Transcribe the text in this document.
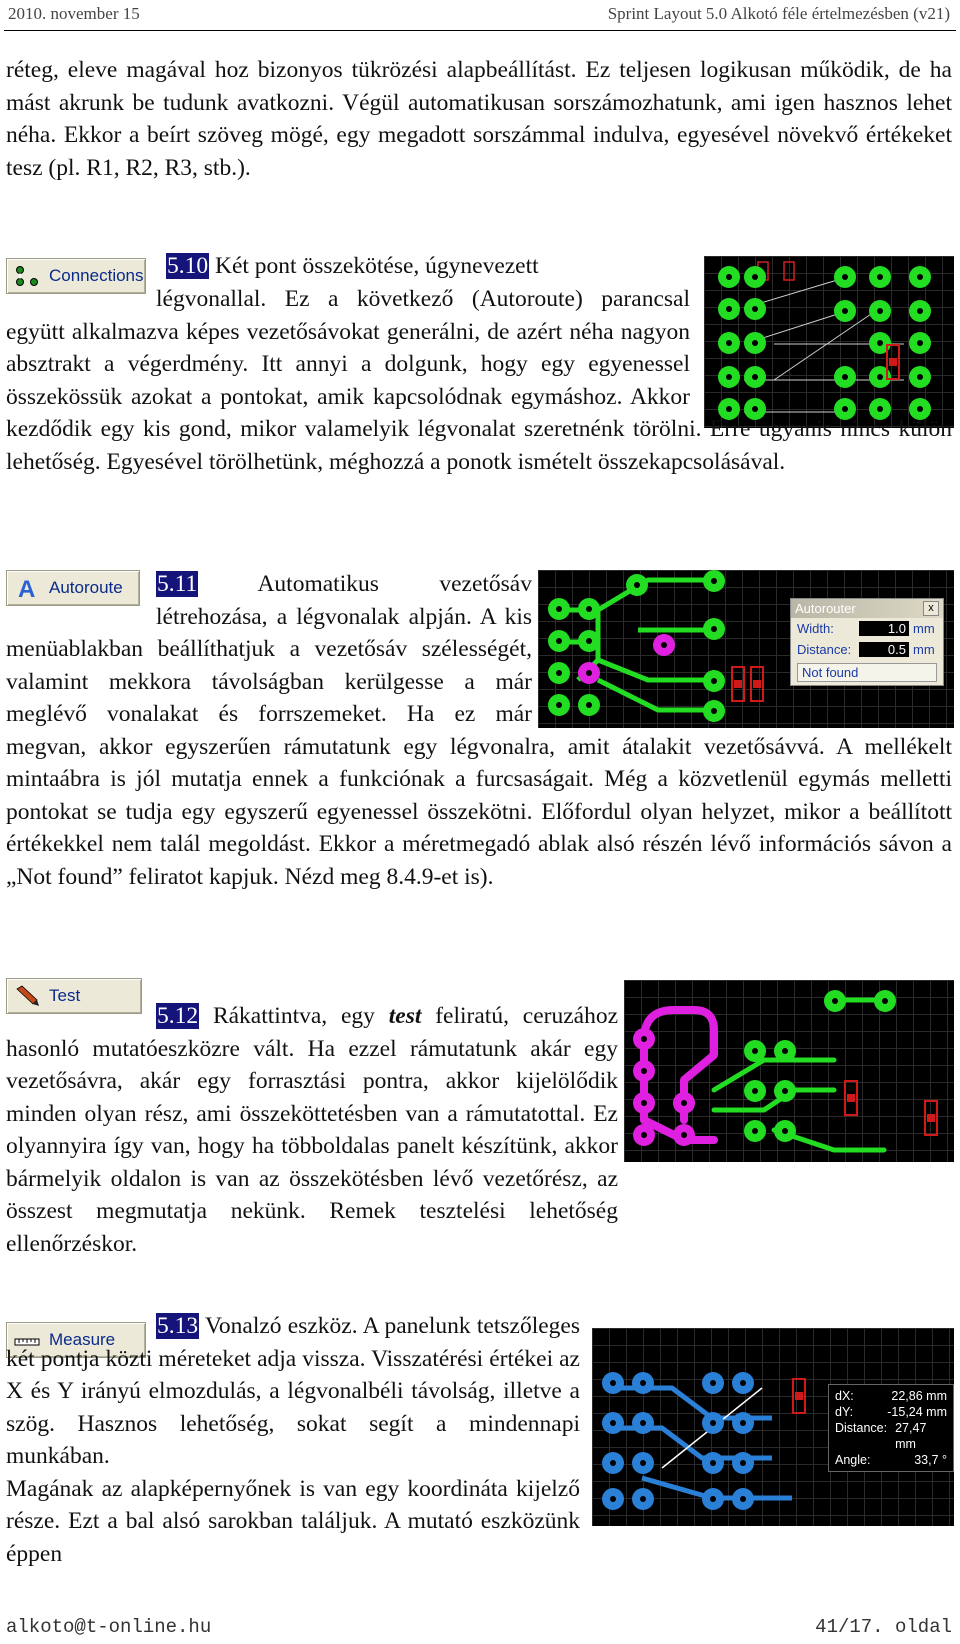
2010. november 15	Sprint Layout 5.0 Alkotó féle értelmezésben (v21)

réteg, eleve magával hoz bizonyos tükrözési alapbeállítást. Ez teljesen logikusan működik, de ha mást akrunk be tudunk avatkozni. Végül automatikusan sorszámozhatunk, ami igen hasznos lehet néha. Ekkor a beírt szöveg mögé, egy megadott sorszámmal indulva, egyesével növekvő értékeket tesz (pl. R1, R2, R3, stb.).

Connections 5.10 Két pont összekötése, úgynevezett

légvonallal. Ez a következő (Autoroute) parancsal együtt alkalmazva képes vezetősávokat generálni, de azért néha nagyon absztrakt a végerdmény. Itt annyi a dolgunk, hogy egy egyenessel összekössük azokat a pontokat, amik kapcsolódnak egymáshoz. Akkor kezdődik egy kis gond, mikor valamelyik légvonalat szeretnénk törölni. Erre ugyanis nincs külön lehetőség. Egyesével törölhetünk, méghozzá a ponotk ismételt összekapcsolásával.

A Autoroute
Autorouter	x
Width:	1.0 mm
Distance:	0.5 mm
Not found

5.11	Automatikus vezetősáv létrehozása, a légvonalak alpján. A kis menüablakban beállíthatjuk a vezetősáv szélességét, valamint mekkora távolságban kerülgesse a már meglévő vonalakat és forrszemeket. Ha ez már megvan, akkor egyszerűen rámutatunk egy légvonalra, amit átalakit vezetősávvá. A mellékelt mintaábra is jól mutatja ennek a funkciónak a furcsaságait. Még a közvetlenül egymás melletti pontokat se tudja egy egyszerű egyenessel összekötni. Előfordul olyan helyzet, mikor a beállított értékekkel nem talál megoldást. Ekkor a méretmegadó ablak alsó részén lévő információs sávon a „Not found” feliratot kapjuk. Nézd meg 8.4.9-et is).

Test

5.12 Rákattintva, egy test feliratú, ceruzához hasonló mutatóeszközre vált. Ha ezzel rámutatunk akár egy vezetősávra, akár egy forrasztási pontra, akkor kijelölődik minden olyan rész, ami összeköttetésben van a rámutatottal. Ez olyannyira így van, hogy ha többoldalas panelt készítünk, akkor bármelyik oldalon is van az összekötésben lévő vezetőrész, az összest megmutatja nekünk. Remek tesztelési lehetőség ellenőrzéskor.

Measure
dX:	22,86 mm
dY:	-15,24 mm
Distance: 27,47 mm
Angle:	33,7 °

5.13 Vonalzó eszköz. A panelunk tetszőleges két pontja közti méreteket adja vissza. Visszatérési értékei az X és Y irányú elmozdulás, a légvonalbéli távolság, illetve a szög. Hasznos lehetőség, sokat segít a mindennapi munkában.
Magának az alapképernyőnek is van egy koordináta kijelző része. Ezt a bal alsó sarokban találjuk. A mutató eszközünk éppen

alkoto@t-online.hu	41/17. oldal
